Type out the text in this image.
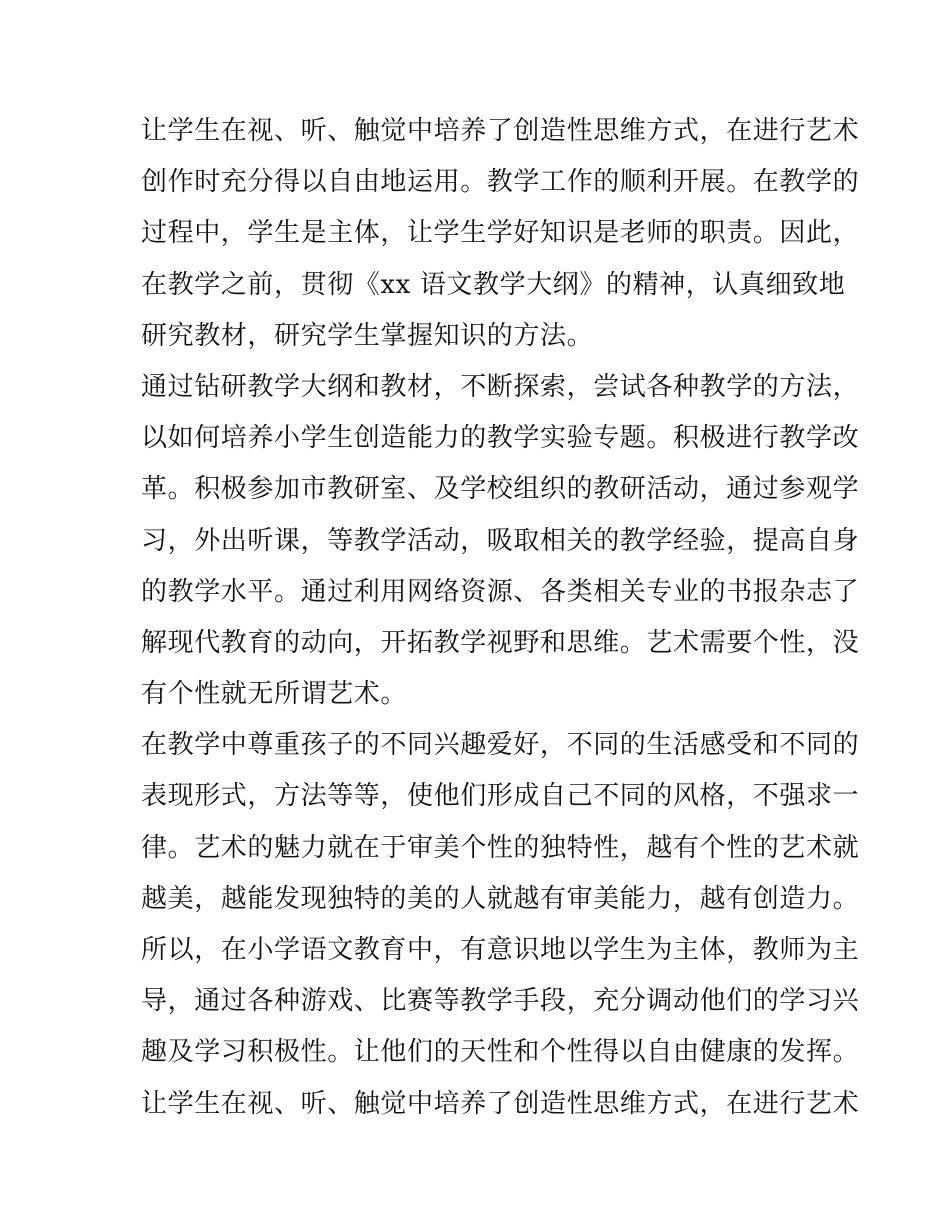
让学生在视、听、触觉中培养了创造性思维方式，在进行艺术
创作时充分得以自由地运用。教学工作的顺利开展。在教学的
过程中，学生是主体，让学生学好知识是老师的职责。因此，
在教学之前，贯彻《xx 语文教学大纲》的精神，认真细致地
研究教材，研究学生掌握知识的方法。
通过钻研教学大纲和教材，不断探索，尝试各种教学的方法，
以如何培养小学生创造能力的教学实验专题。积极进行教学改
革。积极参加市教研室、及学校组织的教研活动，通过参观学
习，外出听课，等教学活动，吸取相关的教学经验，提高自身
的教学水平。通过利用网络资源、各类相关专业的书报杂志了
解现代教育的动向，开拓教学视野和思维。艺术需要个性，没
有个性就无所谓艺术。
在教学中尊重孩子的不同兴趣爱好，不同的生活感受和不同的
表现形式，方法等等，使他们形成自己不同的风格，不强求一
律。艺术的魅力就在于审美个性的独特性，越有个性的艺术就
越美，越能发现独特的美的人就越有审美能力，越有创造力。
所以，在小学语文教育中，有意识地以学生为主体，教师为主
导，通过各种游戏、比赛等教学手段，充分调动他们的学习兴
趣及学习积极性。让他们的天性和个性得以自由健康的发挥。
让学生在视、听、触觉中培养了创造性思维方式，在进行艺术
